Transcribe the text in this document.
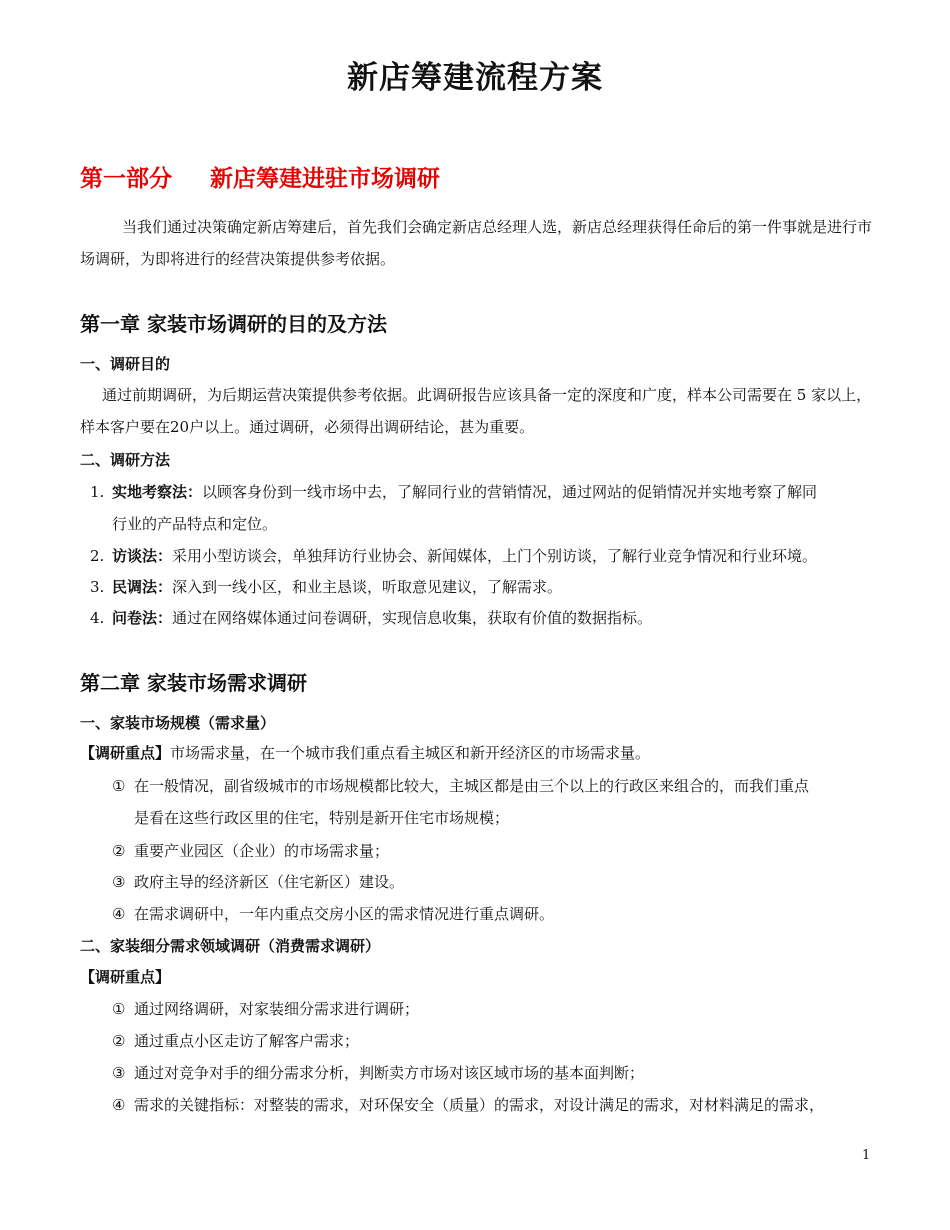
新店筹建流程方案
第一部分 新店筹建进驻市场调研

当我们通过决策确定新店筹建后，首先我们会确定新店总经理人选，新店总经理获得任命后的第一件事就是进行市场调研，为即将进行的经营决策提供参考依据。

第一章 家装市场调研的目的及方法
一、调研目的

通过前期调研，为后期运营决策提供参考依据。此调研报告应该具备一定的深度和广度，样本公司需要在 5 家以上，样本客户要在20户以上。通过调研，必须得出调研结论，甚为重要。

二、调研方法
1. 实地考察法：以顾客身份到一线市场中去，了解同行业的营销情况，通过网站的促销情况并实地考察了解同
行业的产品特点和定位。
2. 访谈法：采用小型访谈会，单独拜访行业协会、新闻媒体，上门个别访谈，了解行业竞争情况和行业环境。
3. 民调法：深入到一线小区，和业主恳谈，听取意见建议，了解需求。
4. 问卷法：通过在网络媒体通过问卷调研，实现信息收集，获取有价值的数据指标。
第二章 家装市场需求调研
一、家装市场规模（需求量）
【调研重点】市场需求量，在一个城市我们重点看主城区和新开经济区的市场需求量。
① 在一般情况，副省级城市的市场规模都比较大，主城区都是由三个以上的行政区来组合的，而我们重点
是看在这些行政区里的住宅，特别是新开住宅市场规模；
② 重要产业园区（企业）的市场需求量；
③ 政府主导的经济新区（住宅新区）建设。
④ 在需求调研中，一年内重点交房小区的需求情况进行重点调研。
二、家装细分需求领域调研（消费需求调研）
【调研重点】
① 通过网络调研，对家装细分需求进行调研；
② 通过重点小区走访了解客户需求；
③ 通过对竞争对手的细分需求分析，判断卖方市场对该区域市场的基本面判断；
④ 需求的关键指标：对整装的需求，对环保安全（质量）的需求，对设计满足的需求，对材料满足的需求，
1
